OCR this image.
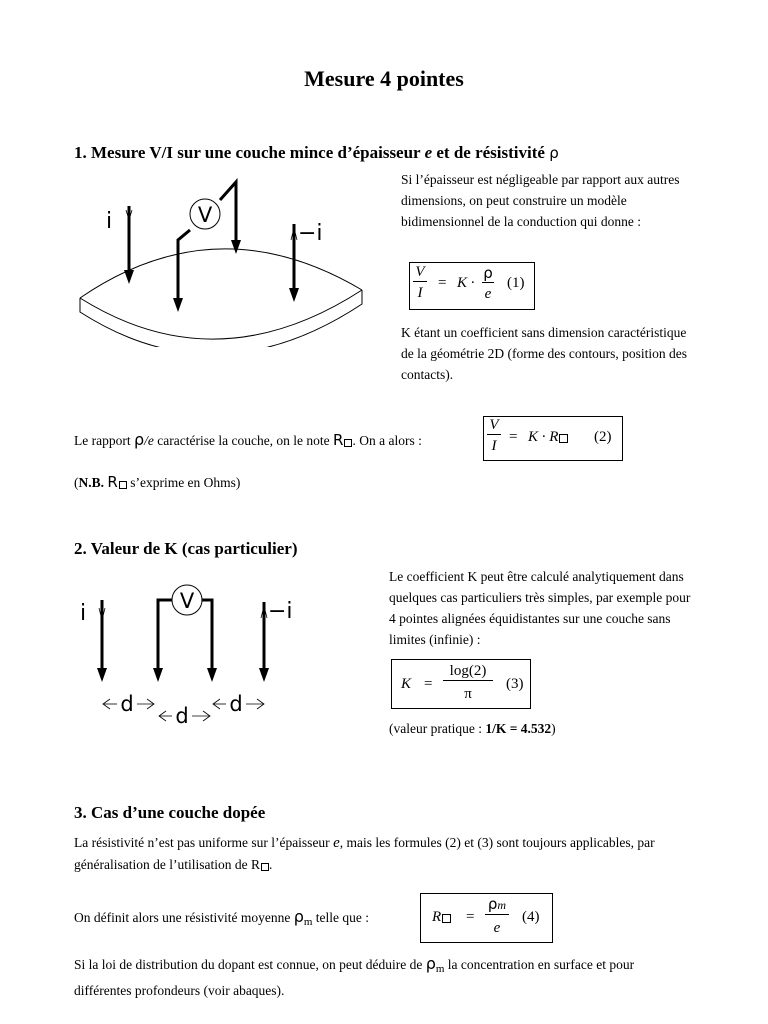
Mesure 4 pointes
1. Mesure V/I sur une couche mince d’épaisseur e et de résistivité ρ
i	V
−i
Si l’épaisseur est négligeable par rapport aux autres dimensions, on peut construire un modèle bidimensionnel de la conduction qui donne :
V
I
= K ·
ρ
e
(1)
K étant un coefficient sans dimension caractéristique de la géométrie 2D (forme des contours, position des contacts).
Le rapport ρ/e caractérise la couche, on le note R . On a alors :
V
I
= K · R	(2)
(N.B. R s’exprime en Ohms)
2. Valeur de K (cas particulier)
i	V	−i
d d d
Le coefficient K peut être calculé analytiquement dans quelques cas particuliers très simples, par exemple pour 4 pointes alignées équidistantes sur une couche sans limites (infinie) :
K =
log(2)
π
(3)
(valeur pratique : 1/K = 4.532)
3. Cas d’une couche dopée
La résistivité n’est pas uniforme sur l’épaisseur e, mais les formules (2) et (3) sont toujours applicables, par généralisation de l’utilisation de R .
On définit alors une résistivité moyenne $\rho_m$ telle que :	R	=
ρm
e
(4)
Si la loi de distribution du dopant est connue, on peut déduire de $\rho_m$ la concentration en surface et pour différentes profondeurs (voir abaques).
